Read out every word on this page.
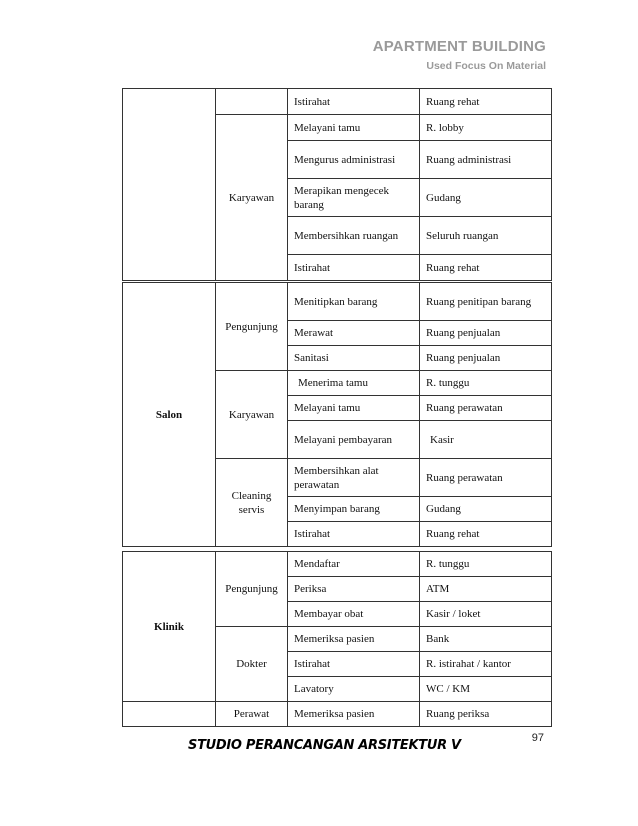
APARTMENT BUILDING
Used Focus On Material
		Istirahat	Ruang rehat
	Karyawan	Melayani tamu	R. lobby
		Mengurus administrasi	Ruang administrasi
		Merapikan mengecek barang	Gudang
		Membersihkan ruangan	Seluruh ruangan
		Istirahat	Ruang rehat
Salon	Pengunjung	Menitipkan barang	Ruang penitipan barang
		Merawat	Ruang penjualan
		Sanitasi	Ruang penjualan
	Karyawan	Menerima tamu	R. tunggu
		Melayani tamu	Ruang perawatan
		Melayani pembayaran	Kasir
	Cleaning servis	Membersihkan alat perawatan	Ruang perawatan
		Menyimpan barang	Gudang
		Istirahat	Ruang rehat
Klinik	Pengunjung	Mendaftar	R. tunggu
		Periksa	ATM
		Membayar obat	Kasir / loket
	Dokter	Memeriksa pasien	Bank
		Istirahat	R. istirahat / kantor
		Lavatory	WC / KM
	Perawat	Memeriksa pasien	Ruang periksa
97
STUDIO PERANCANGAN ARSITEKTUR V
